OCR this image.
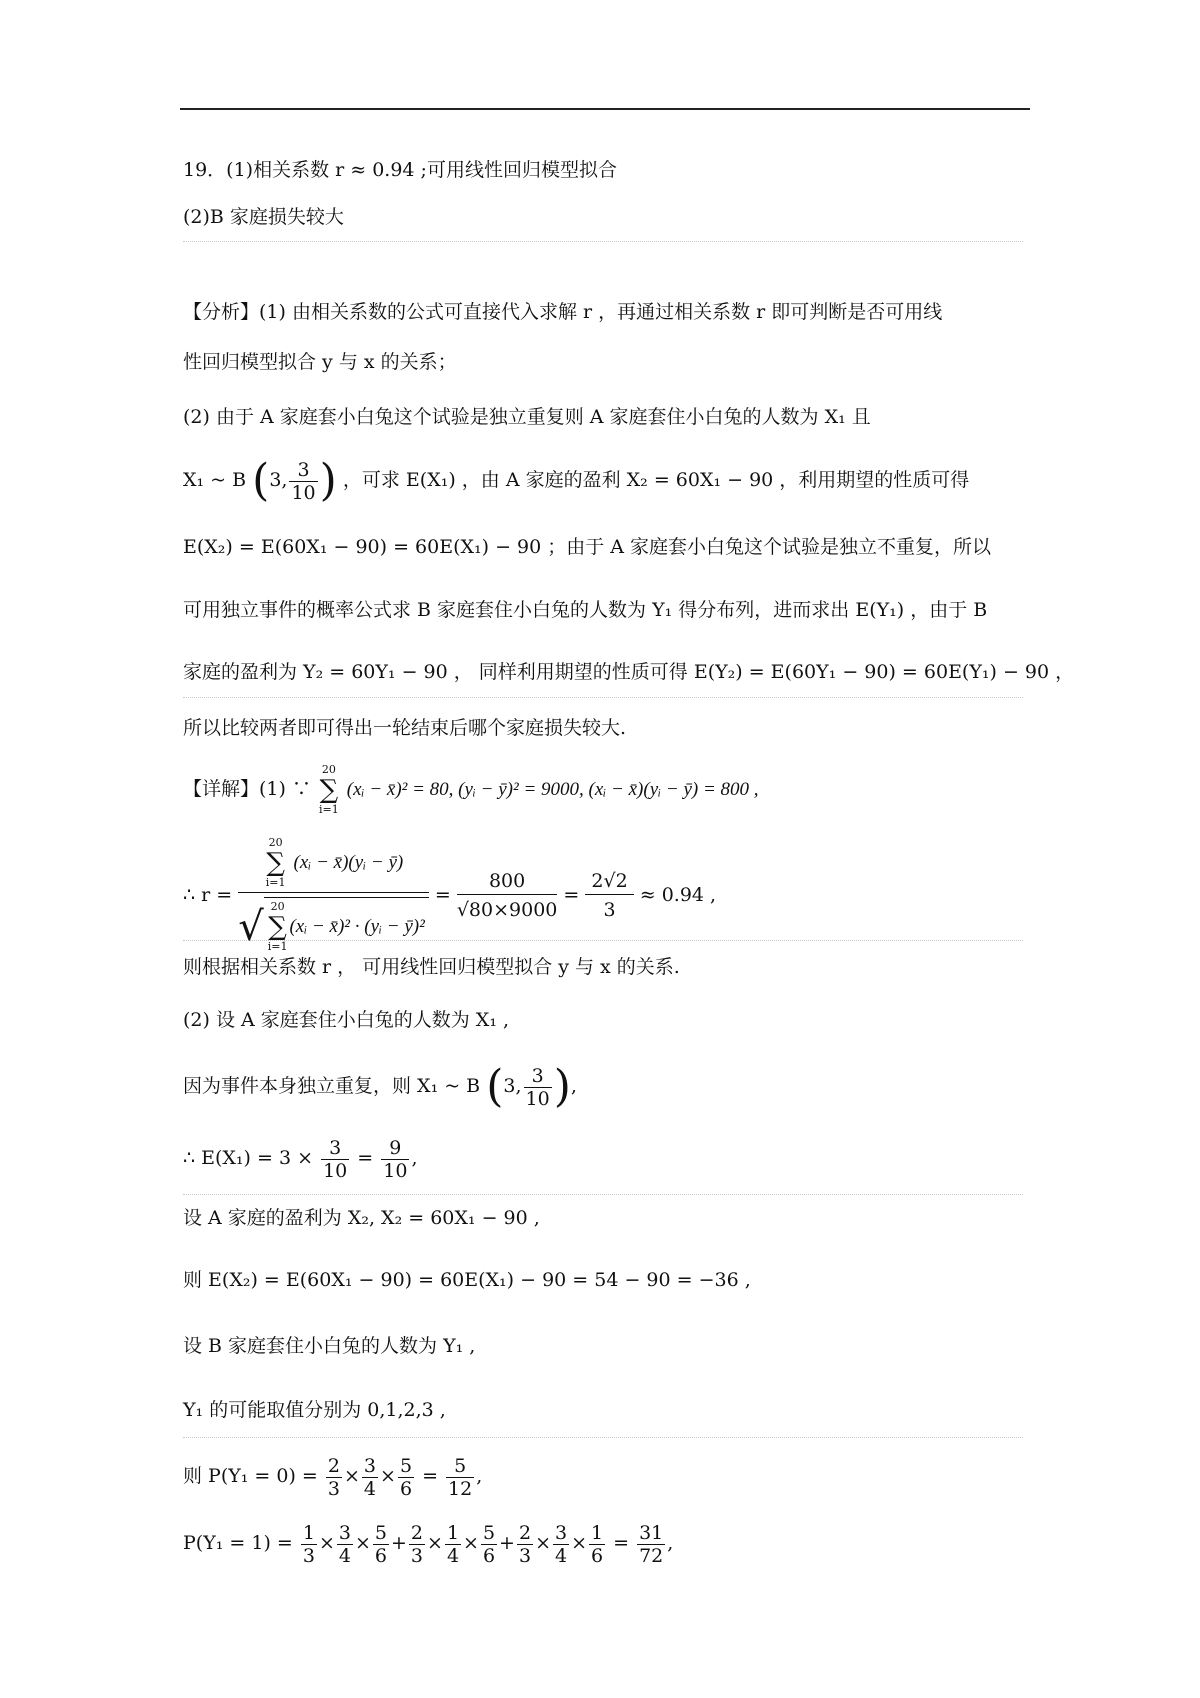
19．(1)相关系数 r ≈ 0.94 ;可用线性回归模型拟合
(2)B 家庭损失较大
【分析】(1) 由相关系数的公式可直接代入求解 r ，再通过相关系数 r 即可判断是否可用线
性回归模型拟合 y 与 x 的关系；
(2) 由于 A 家庭套小白兔这个试验是独立重复则 A 家庭套住小白兔的人数为 X₁ 且
X₁ ~ B (3, $\frac{3}{10}$ ) ，可求 E(X₁) ，由 A 家庭的盈利 X₂ = 60X₁ − 90 ，利用期望的性质可得
E(X₂) = E(60X₁ − 90) = 60E(X₁) − 90 ；由于 A 家庭套小白兔这个试验是独立不重复，所以
可用独立事件的概率公式求 B 家庭套住小白兔的人数为 Y₁ 得分布列，进而求出 E(Y₁) ，由于 B
家庭的盈利为 Y₂ = 60Y₁ − 90 ， 同样利用期望的性质可得 E(Y₂) = E(60Y₁ − 90) = 60E(Y₁) − 90 ，
所以比较两者即可得出一轮结束后哪个家庭损失较大.
【详解】(1) ∵
20
∑
i=1
(xᵢ − x̄)² = 80, (yᵢ − ȳ)² = 9000, (xᵢ − x̄)(yᵢ − ȳ) = 800 ,
∴ r = 20
∑
i=1
(xᵢ − x̄)(yᵢ − ȳ)
√ 20
∑
i=1
(xᵢ − x̄)² · (yᵢ − ȳ)² = $\frac{800}{√80\times 9000} = \frac{2√2}{3} \approx 0.94$ ,
则根据相关系数 r ， 可用线性回归模型拟合 y 与 x 的关系.
(2) 设 A 家庭套住小白兔的人数为 X₁ ,
因为事件本身独立重复，则 X₁ ~ B (3, $\frac{3}{10}$ ),
∴ $E(X_1) = 3 \times \frac{3}{10} = \frac{9}{10}$ ,
设 A 家庭的盈利为 X₂, X₂ = 60X₁ − 90 ,
则 E(X₂) = E(60X₁ − 90) = 60E(X₁) − 90 = 54 − 90 = −36 ,
设 B 家庭套住小白兔的人数为 Y₁ ,
Y₁ 的可能取值分别为 0,1,2,3 ,
则 $P(Y_1 = 0) = \frac{2}{3} \times \frac{3}{4} \times \frac{5}{6} = \frac{5}{12}$ ,
$P(Y_1 = 1) = \frac{1}{3} \times \frac{3}{4} \times \frac{5}{6} + \frac{2}{3} \times \frac{1}{4} \times \frac{5}{6} + \frac{2}{3} \times \frac{3}{4} \times \frac{1}{6} = \frac{31}{72}$ ,
